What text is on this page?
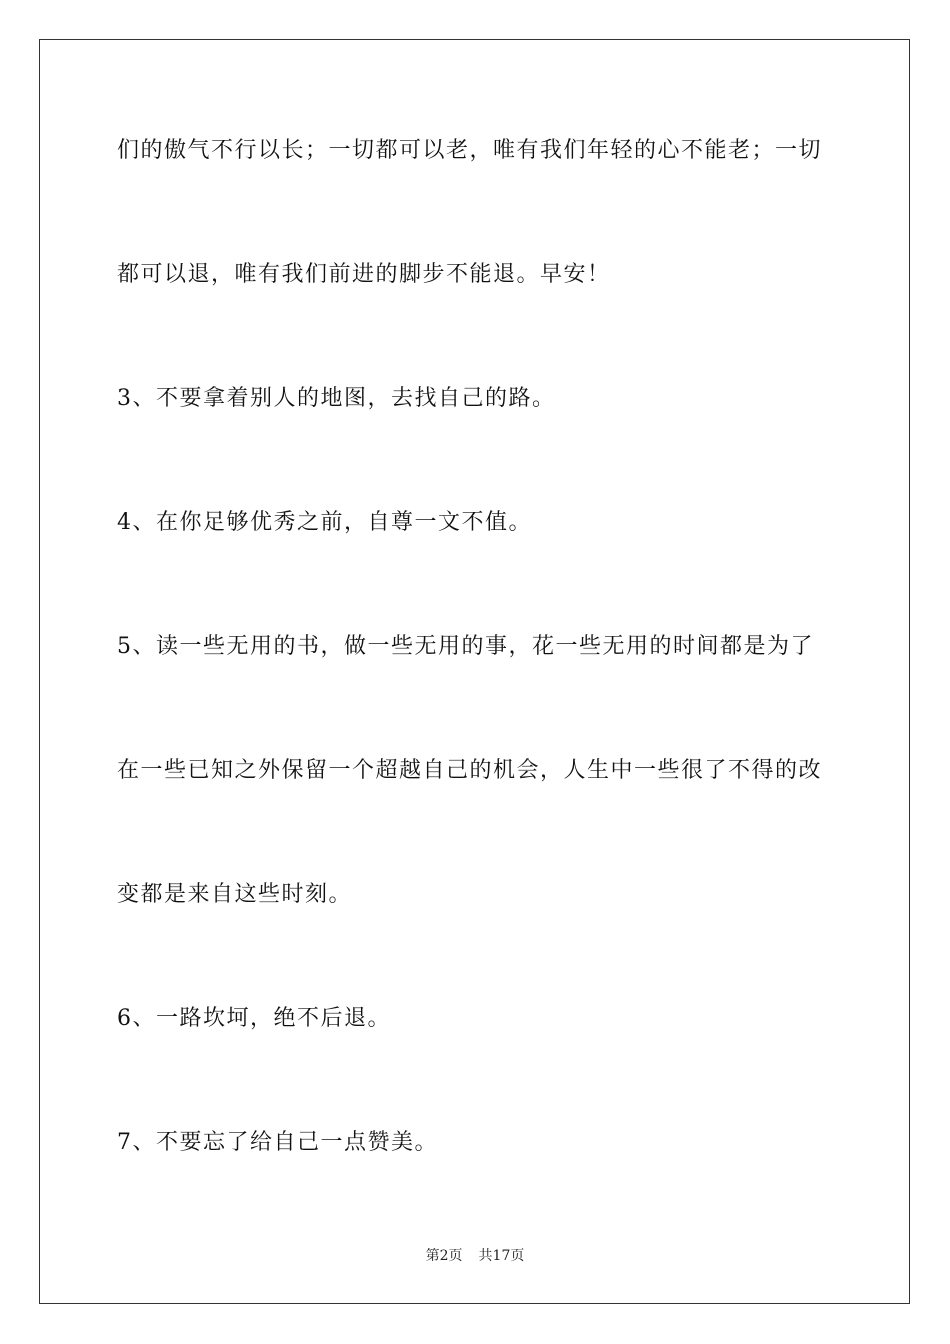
们的傲气不行以长；一切都可以老，唯有我们年轻的心不能老；一切
都可以退，唯有我们前进的脚步不能退。早安！
3、不要拿着别人的地图，去找自己的路。
4、在你足够优秀之前，自尊一文不值。
5、读一些无用的书，做一些无用的事，花一些无用的时间都是为了
在一些已知之外保留一个超越自己的机会，人生中一些很了不得的改
变都是来自这些时刻。
6、一路坎坷，绝不后退。
7、不要忘了给自己一点赞美。
第2页 共17页
